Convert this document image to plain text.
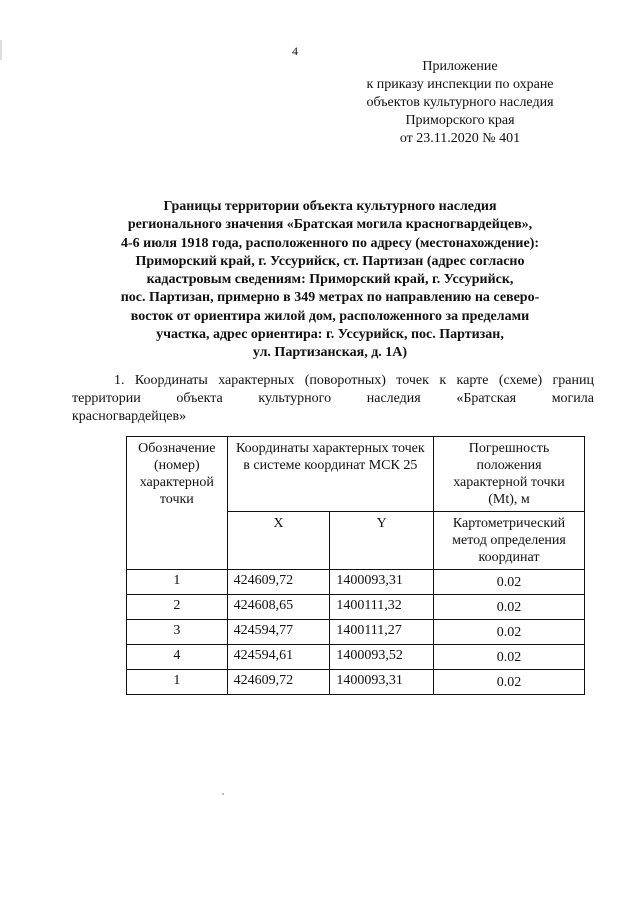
4
Приложение
к приказу инспекции по охране
объектов культурного наследия
Приморского края
от 23.11.2020 № 401
Границы территории объекта культурного наследия
регионального значения «Братская могила красногвардейцев»,
4-6 июля 1918 года, расположенного по адресу (местонахождение):
Приморский край, г. Уссурийск, ст. Партизан (адрес согласно
кадастровым сведениям: Приморский край, г. Уссурийск,
пос. Партизан, примерно в 349 метрах по направлению на северо-
восток от ориентира жилой дом, расположенного за пределами
участка, адрес ориентира: г. Уссурийск, пос. Партизан,
ул. Партизанская, д. 1А)
1. Координаты характерных (поворотных) точек к карте (схеме) границ
территории	объекта	культурного	наследия	«Братская	могила
красногвардейцев»
Обозначение (номер) характерной точки	Координаты характерных точек в системе координат МСК 25		Погрешность положения характерной точки (Mt), м
	X	Y	Картометрический метод определения координат
1	424609,72	1400093,31	0.02
2	424608,65	1400111,32	0.02
3	424594,77	1400111,27	0.02
4	424594,61	1400093,52	0.02
1	424609,72	1400093,31	0.02
